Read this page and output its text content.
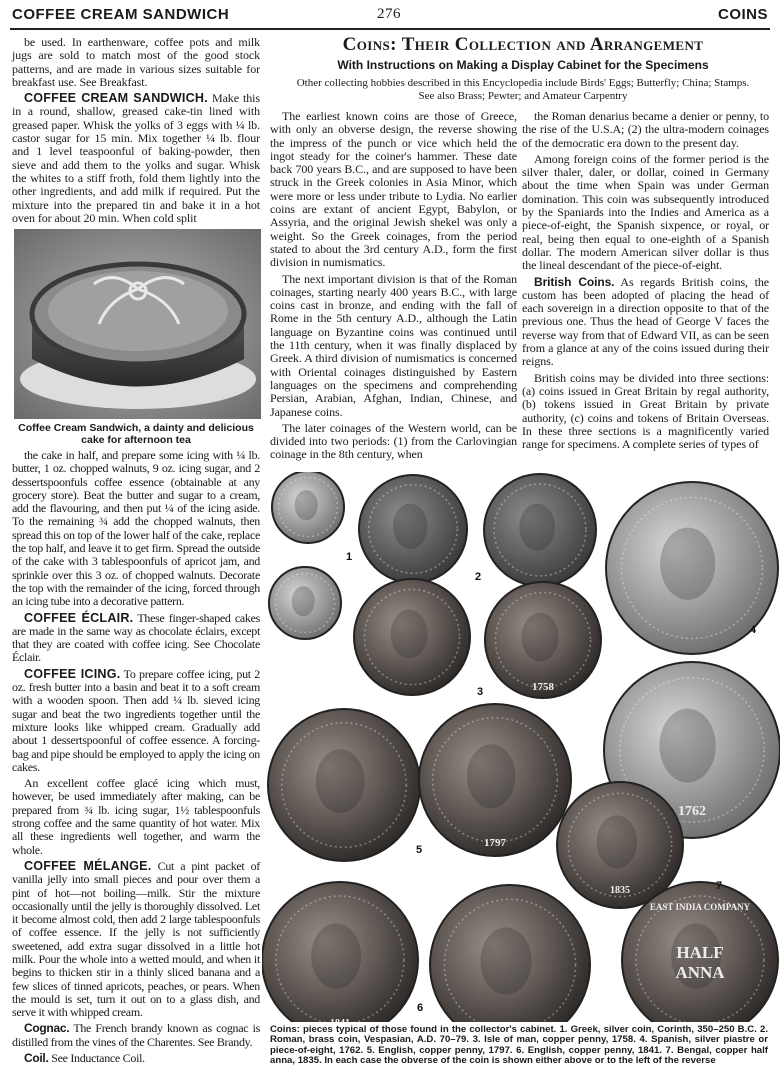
COFFEE CREAM SANDWICH	276	COINS

be used. In earthenware, coffee pots and milk jugs are sold to match most of the good stock patterns, and are made in various sizes suitable for breakfast use. See Breakfast.

COFFEE CREAM SANDWICH. Make this in a round, shallow, greased cake-tin lined with greased paper. Whisk the yolks of 3 eggs with ¼ lb. castor sugar for 15 min. Mix together ¼ lb. flour and 1 level teaspoonful of baking-powder, then sieve and add them to the yolks and sugar. Whisk the whites to a stiff froth, fold them lightly into the other ingredients, and add milk if required. Put the mixture into the prepared tin and bake it in a hot oven for about 20 min. When cold split

Coffee Cream Sandwich, a dainty and delicious cake for afternoon tea

the cake in half, and prepare some icing with ¼ lb. butter, 1 oz. chopped walnuts, 9 oz. icing sugar, and 2 dessertspoonfuls coffee essence (obtainable at any grocery store). Beat the butter and sugar to a cream, add the flavouring, and then put ¼ of the icing aside. To the remaining ¾ add the chopped walnuts, then spread this on top of the lower half of the cake, replace the top half, and leave it to get firm. Spread the outside of the cake with 3 tablespoonfuls of apricot jam, and sprinkle over this 3 oz. of chopped walnuts. Decorate the top with the remainder of the icing, forced through an icing tube into a decorative pattern.

COFFEE ÉCLAIR. These finger-shaped cakes are made in the same way as chocolate éclairs, except that they are coated with coffee icing. See Chocolate Éclair.

COFFEE ICING. To prepare coffee icing, put 2 oz. fresh butter into a basin and beat it to a soft cream with a wooden spoon. Then add ¼ lb. sieved icing sugar and beat the two ingredients together until the mixture looks like whipped cream. Gradually add about 1 dessertspoonful of coffee essence. A forcing-bag and pipe should be employed to apply the icing on cakes.

An excellent coffee glacé icing which must, however, be used immediately after making, can be prepared from ¾ lb. icing sugar, 1½ tablespoonfuls strong coffee and the same quantity of hot water. Mix all these ingredients well together, and warm the whole.

COFFEE MÉLANGE. Cut a pint packet of vanilla jelly into small pieces and pour over them a pint of hot—not boiling—milk. Stir the mixture occasionally until the jelly is thoroughly dissolved. Let it become almost cold, then add 2 large tablespoonfuls of coffee essence. If the jelly is not sufficiently sweetened, add extra sugar dissolved in a little hot milk. Pour the whole into a wetted mould, and when it begins to thicken stir in a thinly sliced banana and a few slices of tinned apricots, peaches, or pears. When the mould is set, turn it out on to a glass dish, and serve it with whipped cream.

Cognac. The French brandy known as cognac is distilled from the vines of the Charentes. See Brandy.

Coil. See Inductance Coil.

Coins: Their Collection and Arrangement
With Instructions on Making a Display Cabinet for the Specimens
Other collecting hobbies described in this Encyclopedia include Birds' Eggs; Butterfly; China; Stamps. See also Brass; Pewter; and Amateur Carpentry

The earliest known coins are those of Greece, with only an obverse design, the reverse showing the impress of the punch or vice which held the ingot steady for the coiner's hammer. These date back 700 years B.C., and are supposed to have been struck in the Greek colonies in Asia Minor, which were more or less under tribute to Lydia. No earlier coins are extant of ancient Egypt, Babylon, or Assyria, and the original Jewish shekel was only a weight. So the Greek coinages, from the period stated to about the 3rd century A.D., form the first division in numismatics.

The next important division is that of the Roman coinages, starting nearly 400 years B.C., with large coins cast in bronze, and ending with the fall of Rome in the 5th century A.D., although the Latin language on Byzantine coins was continued until the 11th century, when it was finally displaced by Greek. A third division of numismatics is concerned with Oriental coinages distinguished by Eastern languages on the specimens and comprehending Persian, Arabian, Afghan, Indian, Chinese, and Japanese coins.

The later coinages of the Western world, can be divided into two periods: (1) from the Carlovingian coinage in the 8th century, when

the Roman denarius became a denier or penny, to the rise of the U.S.A; (2) the ultra-modern coinages of the democratic era down to the present day.

Among foreign coins of the former period is the silver thaler, daler, or dollar, coined in Germany about the time when Spain was under German domination. This coin was subsequently introduced by the Spaniards into the Indies and America as a piece-of-eight, the Spanish sixpence, or royal, or real, being then equal to one-eighth of a Spanish dollar. The modern American silver dollar is thus the lineal descendant of the piece-of-eight.

British Coins. As regards British coins, the custom has been adopted of placing the head of each sovereign in a direction opposite to that of the previous one. Thus the head of George V faces the reverse way from that of Edward VII, as can be seen from a glance at any of the coins issued during their reigns.

British coins may be divided into three sections: (a) coins issued in Great Britain by regal authority, (b) tokens issued in Great Britain by private authority, (c) coins and tokens of Britain Overseas. In these three sections is a magnificently varied range for specimens. A complete series of types of

HALF
ANNA
EAST INDIA COMPANY
1762
1797
1758
1835
1
2
3
4
5
6
7
Coins: pieces typical of those found in the collector's cabinet. 1. Greek, silver coin, Corinth, 350–250 B.C. 2. Roman, brass coin, Vespasian, A.D. 70–79. 3. Isle of man, copper penny, 1758. 4. Spanish, silver piastre or piece-of-eight, 1762. 5. English, copper penny, 1797. 6. English, copper penny, 1841. 7. Bengal, copper half anna, 1835. In each case the obverse of the coin is shown either above or to the left of the reverse
